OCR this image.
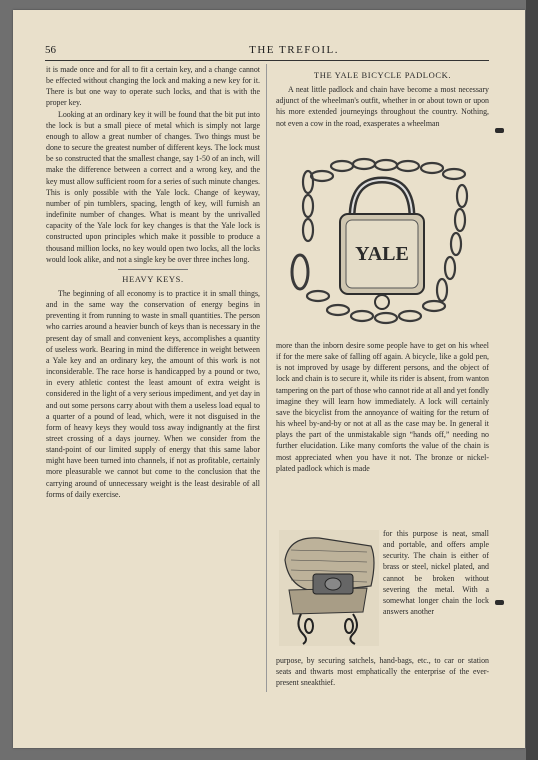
56	THE TREFOIL.

it is made once and for all to fit a certain key, and a change cannot be effected without changing the lock and making a new key for it. There is but one way to operate such locks, and that is with the proper key.

Looking at an ordinary key it will be found that the bit put into the lock is but a small piece of metal which is simply not large enough to allow a great number of changes. Two things must be done to secure the greatest number of different keys. The lock must be so constructed that the smallest change, say 1-50 of an inch, will make the difference between a correct and a wrong key, and the key must allow sufficient room for a series of such minute changes. This is only possible with the Yale lock. Change of keyway, number of pin tumblers, spacing, length of key, will furnish an indefinite number of changes. What is meant by the unrivalled capacity of the Yale lock for key changes is that the Yale lock is constructed upon principles which make it possible to produce a thousand million locks, no key would open two locks, all the locks would look alike, and not a single key be over three inches long.

HEAVY KEYS.

The beginning of all economy is to practice it in small things, and in the same way the conservation of energy begins in preventing it from running to waste in small quantities. The person who carries around a heavier bunch of keys than is necessary in the present day of small and convenient keys, accomplishes a quantity of useless work. Bearing in mind the difference in weight between a Yale key and an ordinary key, the amount of this work is not inconsiderable. The race horse is handicapped by a pound or two, in every athletic contest the least amount of extra weight is considered in the light of a very serious impediment, and yet day in and out some persons carry about with them a useless load equal to a quarter of a pound of lead, which, were it not disguised in the form of heavy keys they would toss away indignantly at the first street crossing of a days journey. When we consider from the stand-point of our limited supply of energy that this same labor might have been turned into channels, if not as profitable, certainly more pleasurable we cannot but come to the conclusion that the carrying around of unnecessary weight is the least desirable of all forms of daily exercise.

THE YALE BICYCLE PADLOCK.

A neat little padlock and chain have become a most necessary adjunct of the wheelman's outfit, whether in or about town or upon his more extended journeyings throughout the country. Nothing, not even a cow in the road, exasperates a wheelman

YALE

more than the inborn desire some people have to get on his wheel if for the mere sake of falling off again. A bicycle, like a gold pen, is not improved by usage by different persons, and the object of lock and chain is to secure it, while its rider is absent, from wanton tampering on the part of those who cannot ride at all and yet fondly imagine they will learn how immediately. A lock will certainly save the bicyclist from the annoyance of waiting for the return of his wheel by-and-by or not at all as the case may be. In general it plays the part of the unmistakable sign “hands off,” needing no further elucidation. Like many comforts the value of the chain is most appreciated when you have it not. The bronze or nickel-plated padlock which is made

for this purpose is neat, small and portable, and offers ample security. The chain is either of brass or steel, nickel plated, and cannot be broken without severing the metal. With a somewhat longer chain the lock answers another

purpose, by securing satchels, hand-bags, etc., to car or station seats and thwarts most emphatically the enterprise of the ever-present sneakthief.
